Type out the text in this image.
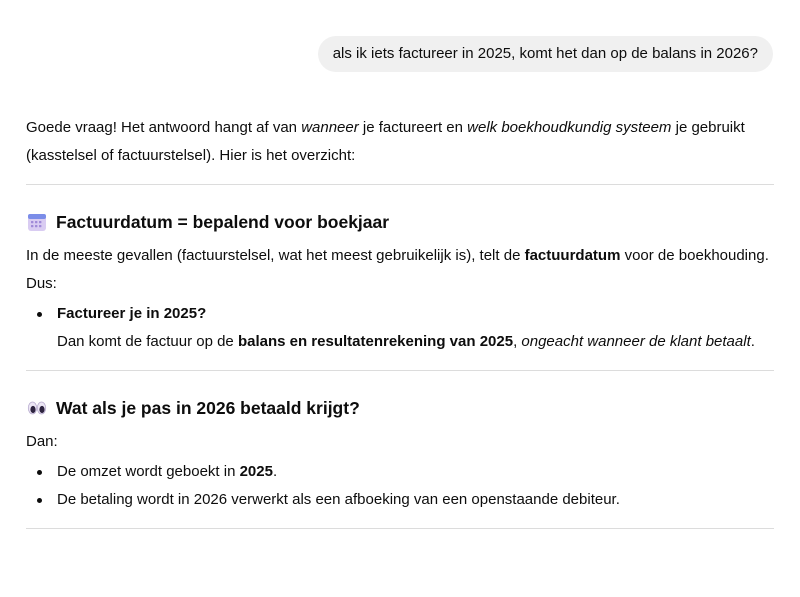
als ik iets factureer in 2025, komt het dan op de balans in 2026?

Goede vraag! Het antwoord hangt af van wanneer je factureert en welk boekhoudkundig systeem je gebruikt (kasstelsel of factuurstelsel). Hier is het overzicht:

Factuurdatum = bepalend voor boekjaar

In de meeste gevallen (factuurstelsel, wat het meest gebruikelijk is), telt de factuurdatum voor de boekhouding. Dus:

Factureer je in 2025?
Dan komt de factuur op de balans en resultatenrekening van 2025, ongeacht wanneer de klant betaalt.
Wat als je pas in 2026 betaald krijgt?

Dan:

De omzet wordt geboekt in 2025.
De betaling wordt in 2026 verwerkt als een afboeking van een openstaande debiteur.
